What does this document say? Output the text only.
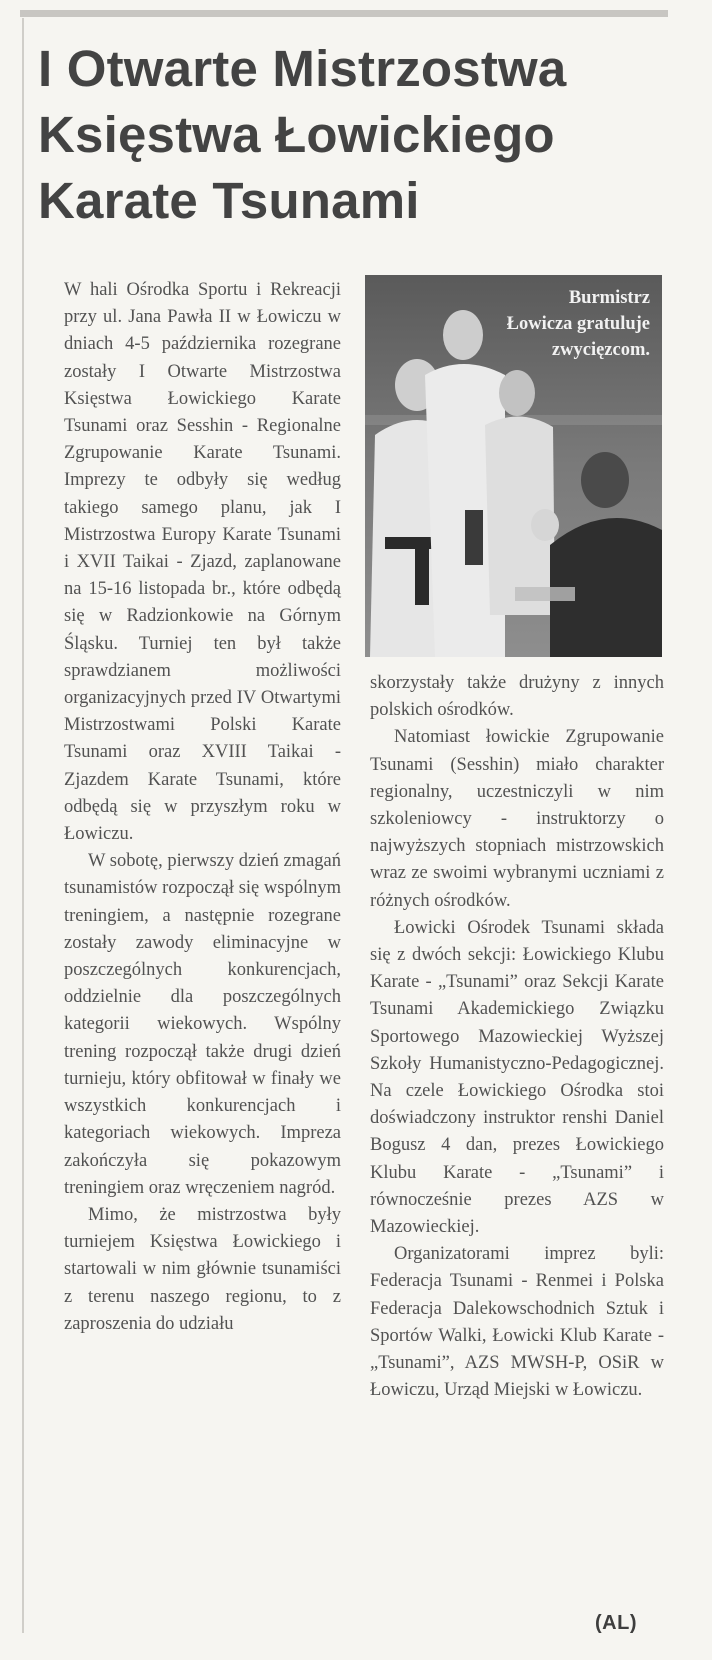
I Otwarte Mistrzostwa
Księstwa Łowickiego
Karate Tsunami

W hali Ośrodka Sportu i Rekreacji przy ul. Jana Pawła II w Łowiczu w dniach 4-5 października rozegrane zostały I Otwarte Mistrzostwa Księstwa Łowickiego Karate Tsunami oraz Sesshin - Regionalne Zgrupowanie Karate Tsunami. Imprezy te odbyły się według takiego samego planu, jak I Mistrzostwa Europy Karate Tsunami i XVII Taikai - Zjazd, zaplanowane na 15-16 listopada br., które odbędą się w Radzionkowie na Górnym Śląsku. Turniej ten był także sprawdzianem możliwości organizacyjnych przed IV Otwartymi Mistrzostwami Polski Karate Tsunami oraz XVIII Taikai - Zjazdem Karate Tsunami, które odbędą się w przyszłym roku w Łowiczu.

W sobotę, pierwszy dzień zmagań tsunamistów rozpoczął się wspólnym treningiem, a następnie rozegrane zostały zawody eliminacyjne w poszczególnych konkurencjach, oddzielnie dla poszczególnych kategorii wiekowych. Wspólny trening rozpoczął także drugi dzień turnieju, który obfitował w finały we wszystkich konkurencjach i kategoriach wiekowych. Impreza zakończyła się pokazowym treningiem oraz wręczeniem nagród.

Mimo, że mistrzostwa były turniejem Księstwa Łowickiego i startowali w nim głównie tsunamiści z terenu naszego regionu, to z zaproszenia do udziału

Burmistrz Łowicza gratuluje zwycięzcom.

skorzystały także drużyny z innych polskich ośrodków.

Natomiast łowickie Zgrupowanie Tsunami (Sesshin) miało charakter regionalny, uczestniczyli w nim szkoleniowcy - instruktorzy o najwyższych stopniach mistrzowskich wraz ze swoimi wybranymi uczniami z różnych ośrodków.

Łowicki Ośrodek Tsunami składa się z dwóch sekcji: Łowickiego Klubu Karate - „Tsunami” oraz Sekcji Karate Tsunami Akademickiego Związku Sportowego Mazowieckiej Wyższej Szkoły Humanistyczno-Pedagogicznej. Na czele Łowickiego Ośrodka stoi doświadczony instruktor renshi Daniel Bogusz 4 dan, prezes Łowickiego Klubu Karate - „Tsunami” i równocześnie prezes AZS w Mazowieckiej.

Organizatorami imprez byli: Federacja Tsunami - Renmei i Polska Federacja Dalekowschodnich Sztuk i Sportów Walki, Łowicki Klub Karate - „Tsunami”, AZS MWSH-P, OSiR w Łowiczu, Urząd Miejski w Łowiczu.

(AL)
